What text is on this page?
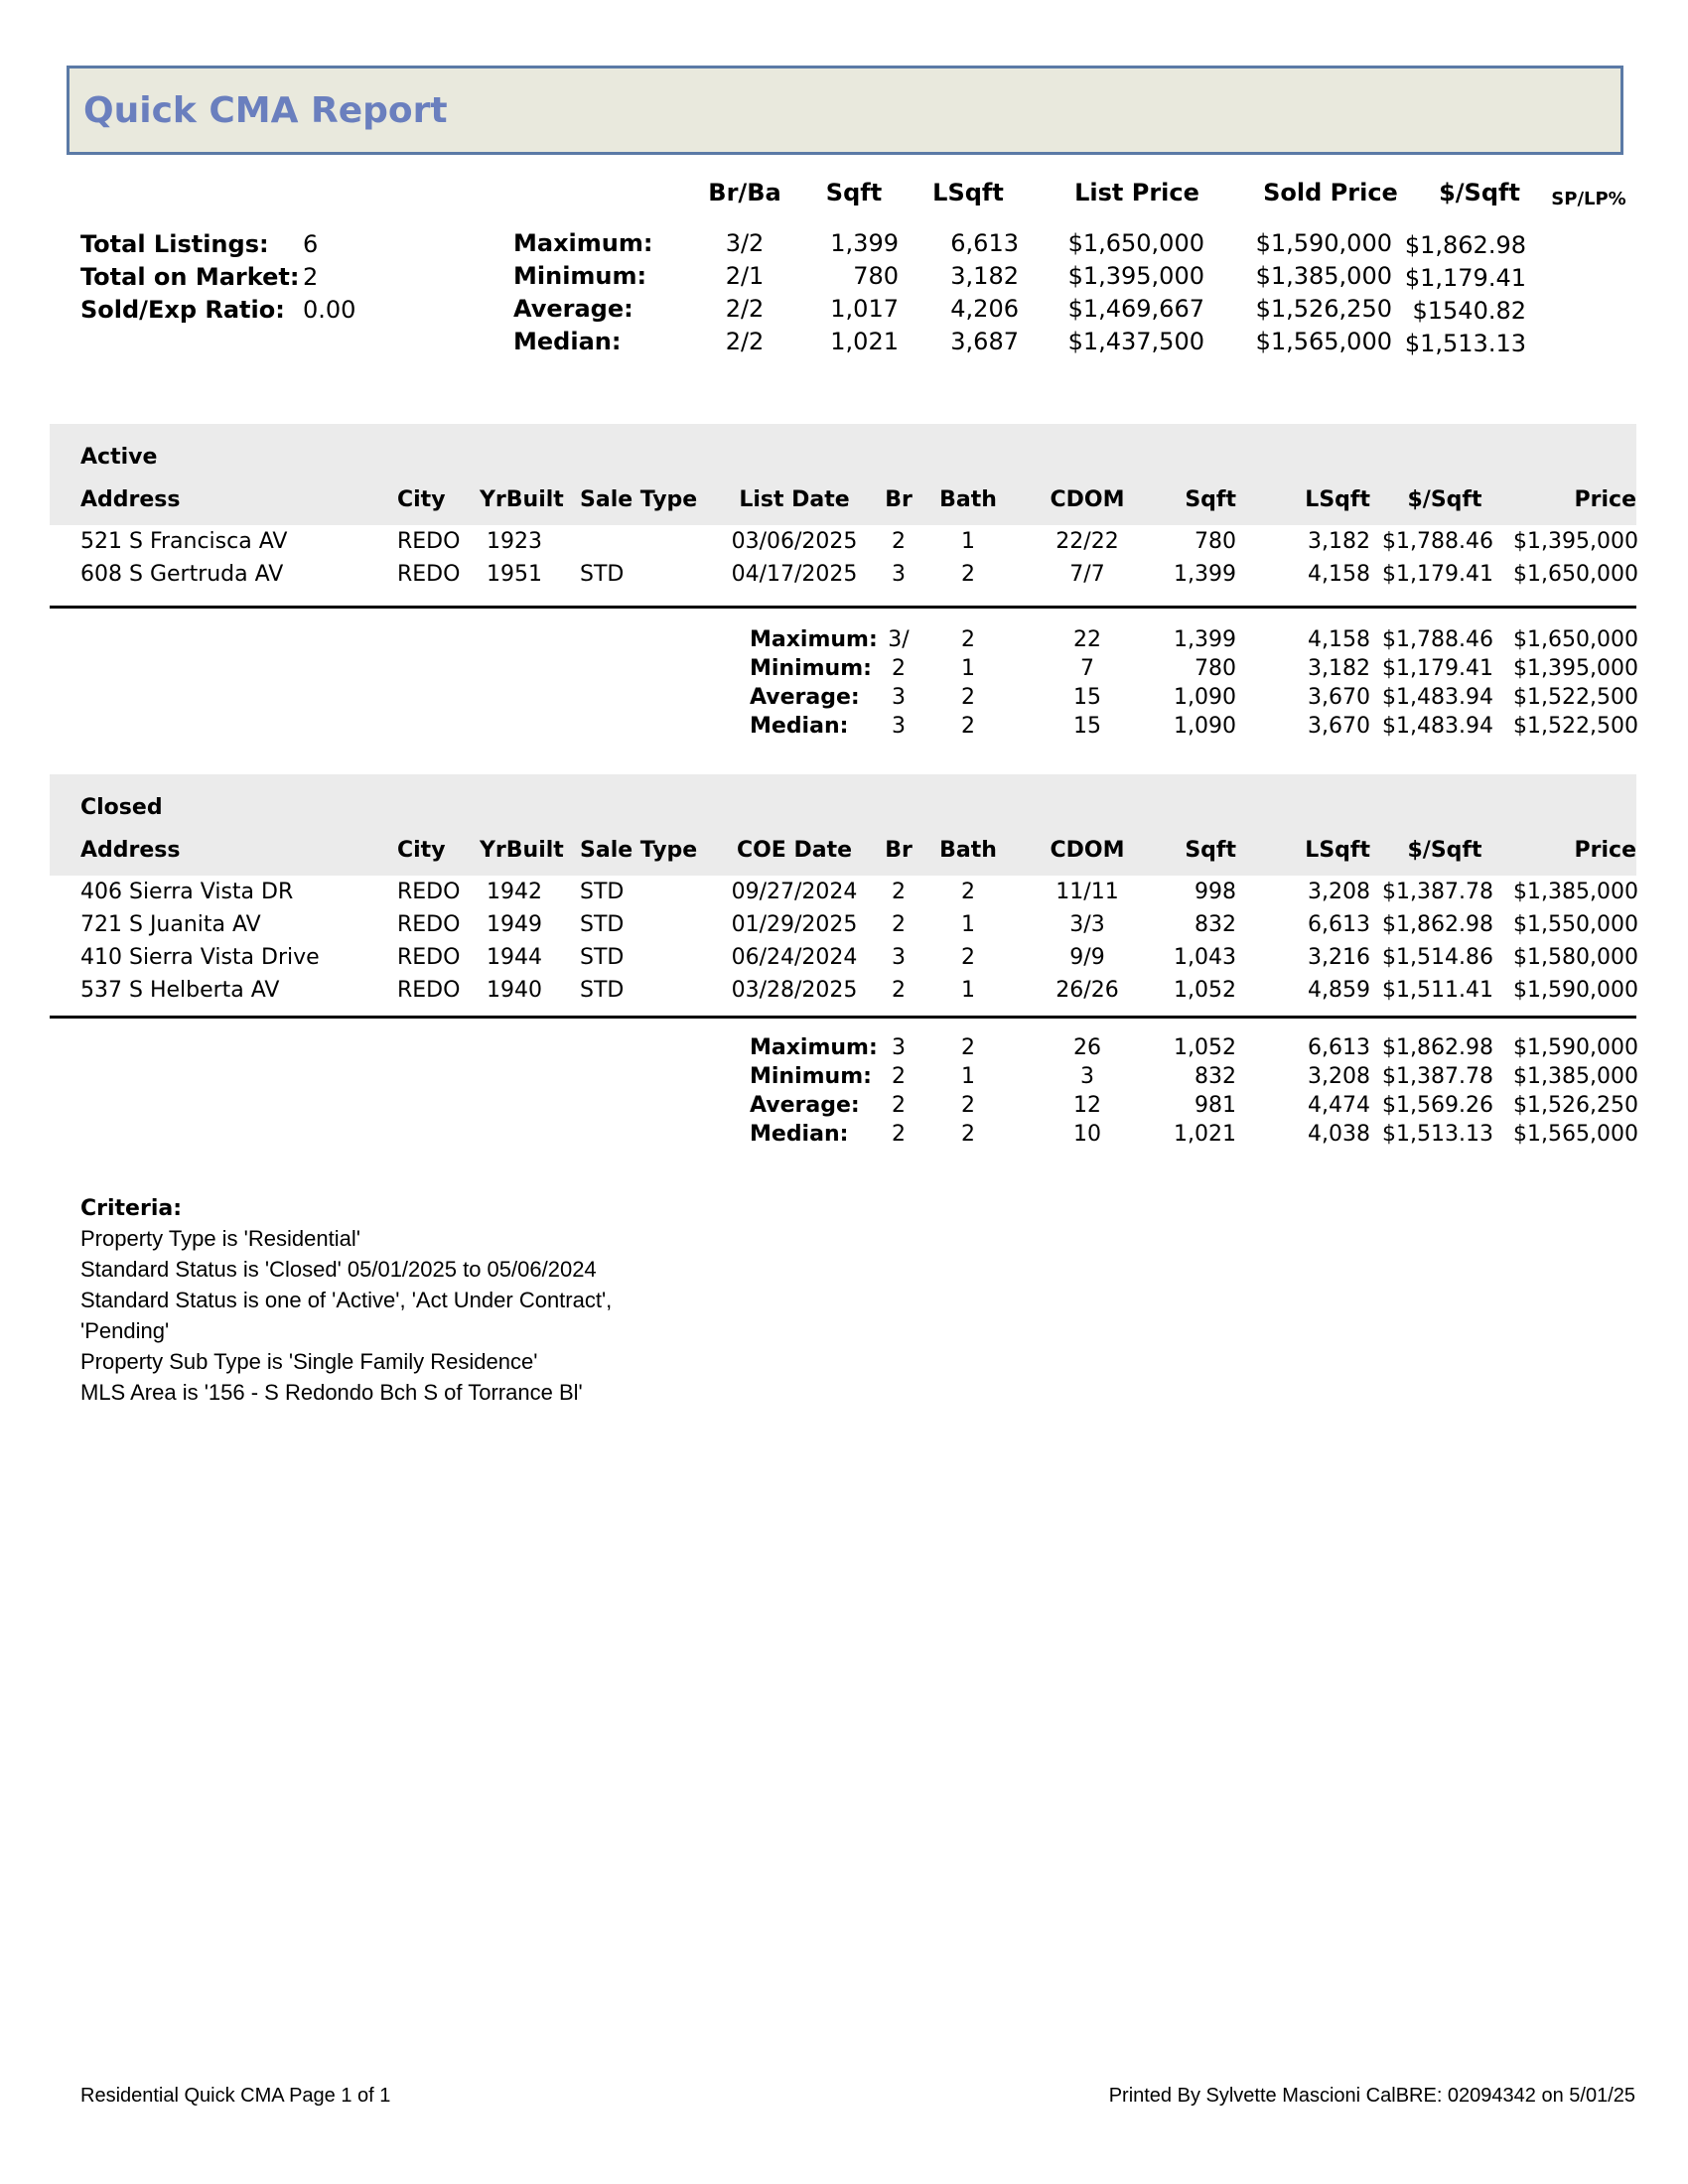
Quick CMA Report
Br/Ba	Sqft	LSqft	List Price	Sold Price	$/Sqft	SP/LP%
Total Listings: 6
Total on Market: 2
Sold/Exp Ratio: 0.00
Maximum:	3/2	1,399	6,613	$1,650,000	$1,590,000 $1,862.98
Minimum:	2/1	780	3,182	$1,395,000	$1,385,000 $1,179.41
Average:	2/2	1,017	4,206	$1,469,667	$1,526,250 $1540.82
Median:	2/2	1,021	3,687	$1,437,500	$1,565,000 $1,513.13
Active
Address	City YrBuilt Sale Type	List Date	Br	Bath	CDOM	Sqft	LSqft	$/Sqft	Price
521 S Francisca AV	REDO 1923	03/06/2025	2	1	22/22	780	3,182 $1,788.46 $1,395,000
608 S Gertruda AV	REDO 1951 STD	04/17/2025	3	2	7/7	1,399	4,158 $1,179.41 $1,650,000
Maximum: 3/	2	22	1,399	4,158 $1,788.46 $1,650,000
Minimum: 2	1	7	780	3,182 $1,179.41 $1,395,000
Average:	3	2	15	1,090	3,670 $1,483.94 $1,522,500
Median:	3	2	15	1,090	3,670 $1,483.94 $1,522,500
Closed
Address	City YrBuilt Sale Type	COE Date	Br	Bath	CDOM	Sqft	LSqft	$/Sqft	Price
406 Sierra Vista DR	REDO 1942 STD	09/27/2024	2	2	11/11	998	3,208 $1,387.78 $1,385,000
721 S Juanita AV	REDO 1949 STD	01/29/2025	2	1	3/3	832	6,613 $1,862.98 $1,550,000
410 Sierra Vista Drive	REDO 1944 STD	06/24/2024	3	2	9/9	1,043	3,216 $1,514.86 $1,580,000
537 S Helberta AV	REDO 1940 STD	03/28/2025	2	1	26/26	1,052	4,859 $1,511.41 $1,590,000
Maximum: 3	2	26	1,052	6,613 $1,862.98 $1,590,000
Minimum: 2	1	3	832	3,208 $1,387.78 $1,385,000
Average:	2	2	12	981	4,474 $1,569.26 $1,526,250
Median:	2	2	10	1,021	4,038 $1,513.13 $1,565,000
Criteria:
Property Type is 'Residential'
Standard Status is 'Closed' 05/01/2025 to 05/06/2024
Standard Status is one of 'Active', 'Act Under Contract',
'Pending'
Property Sub Type is 'Single Family Residence'
MLS Area is '156 - S Redondo Bch S of Torrance Bl'
Residential Quick CMA Page 1 of 1	Printed By Sylvette Mascioni CalBRE: 02094342 on 5/01/25
